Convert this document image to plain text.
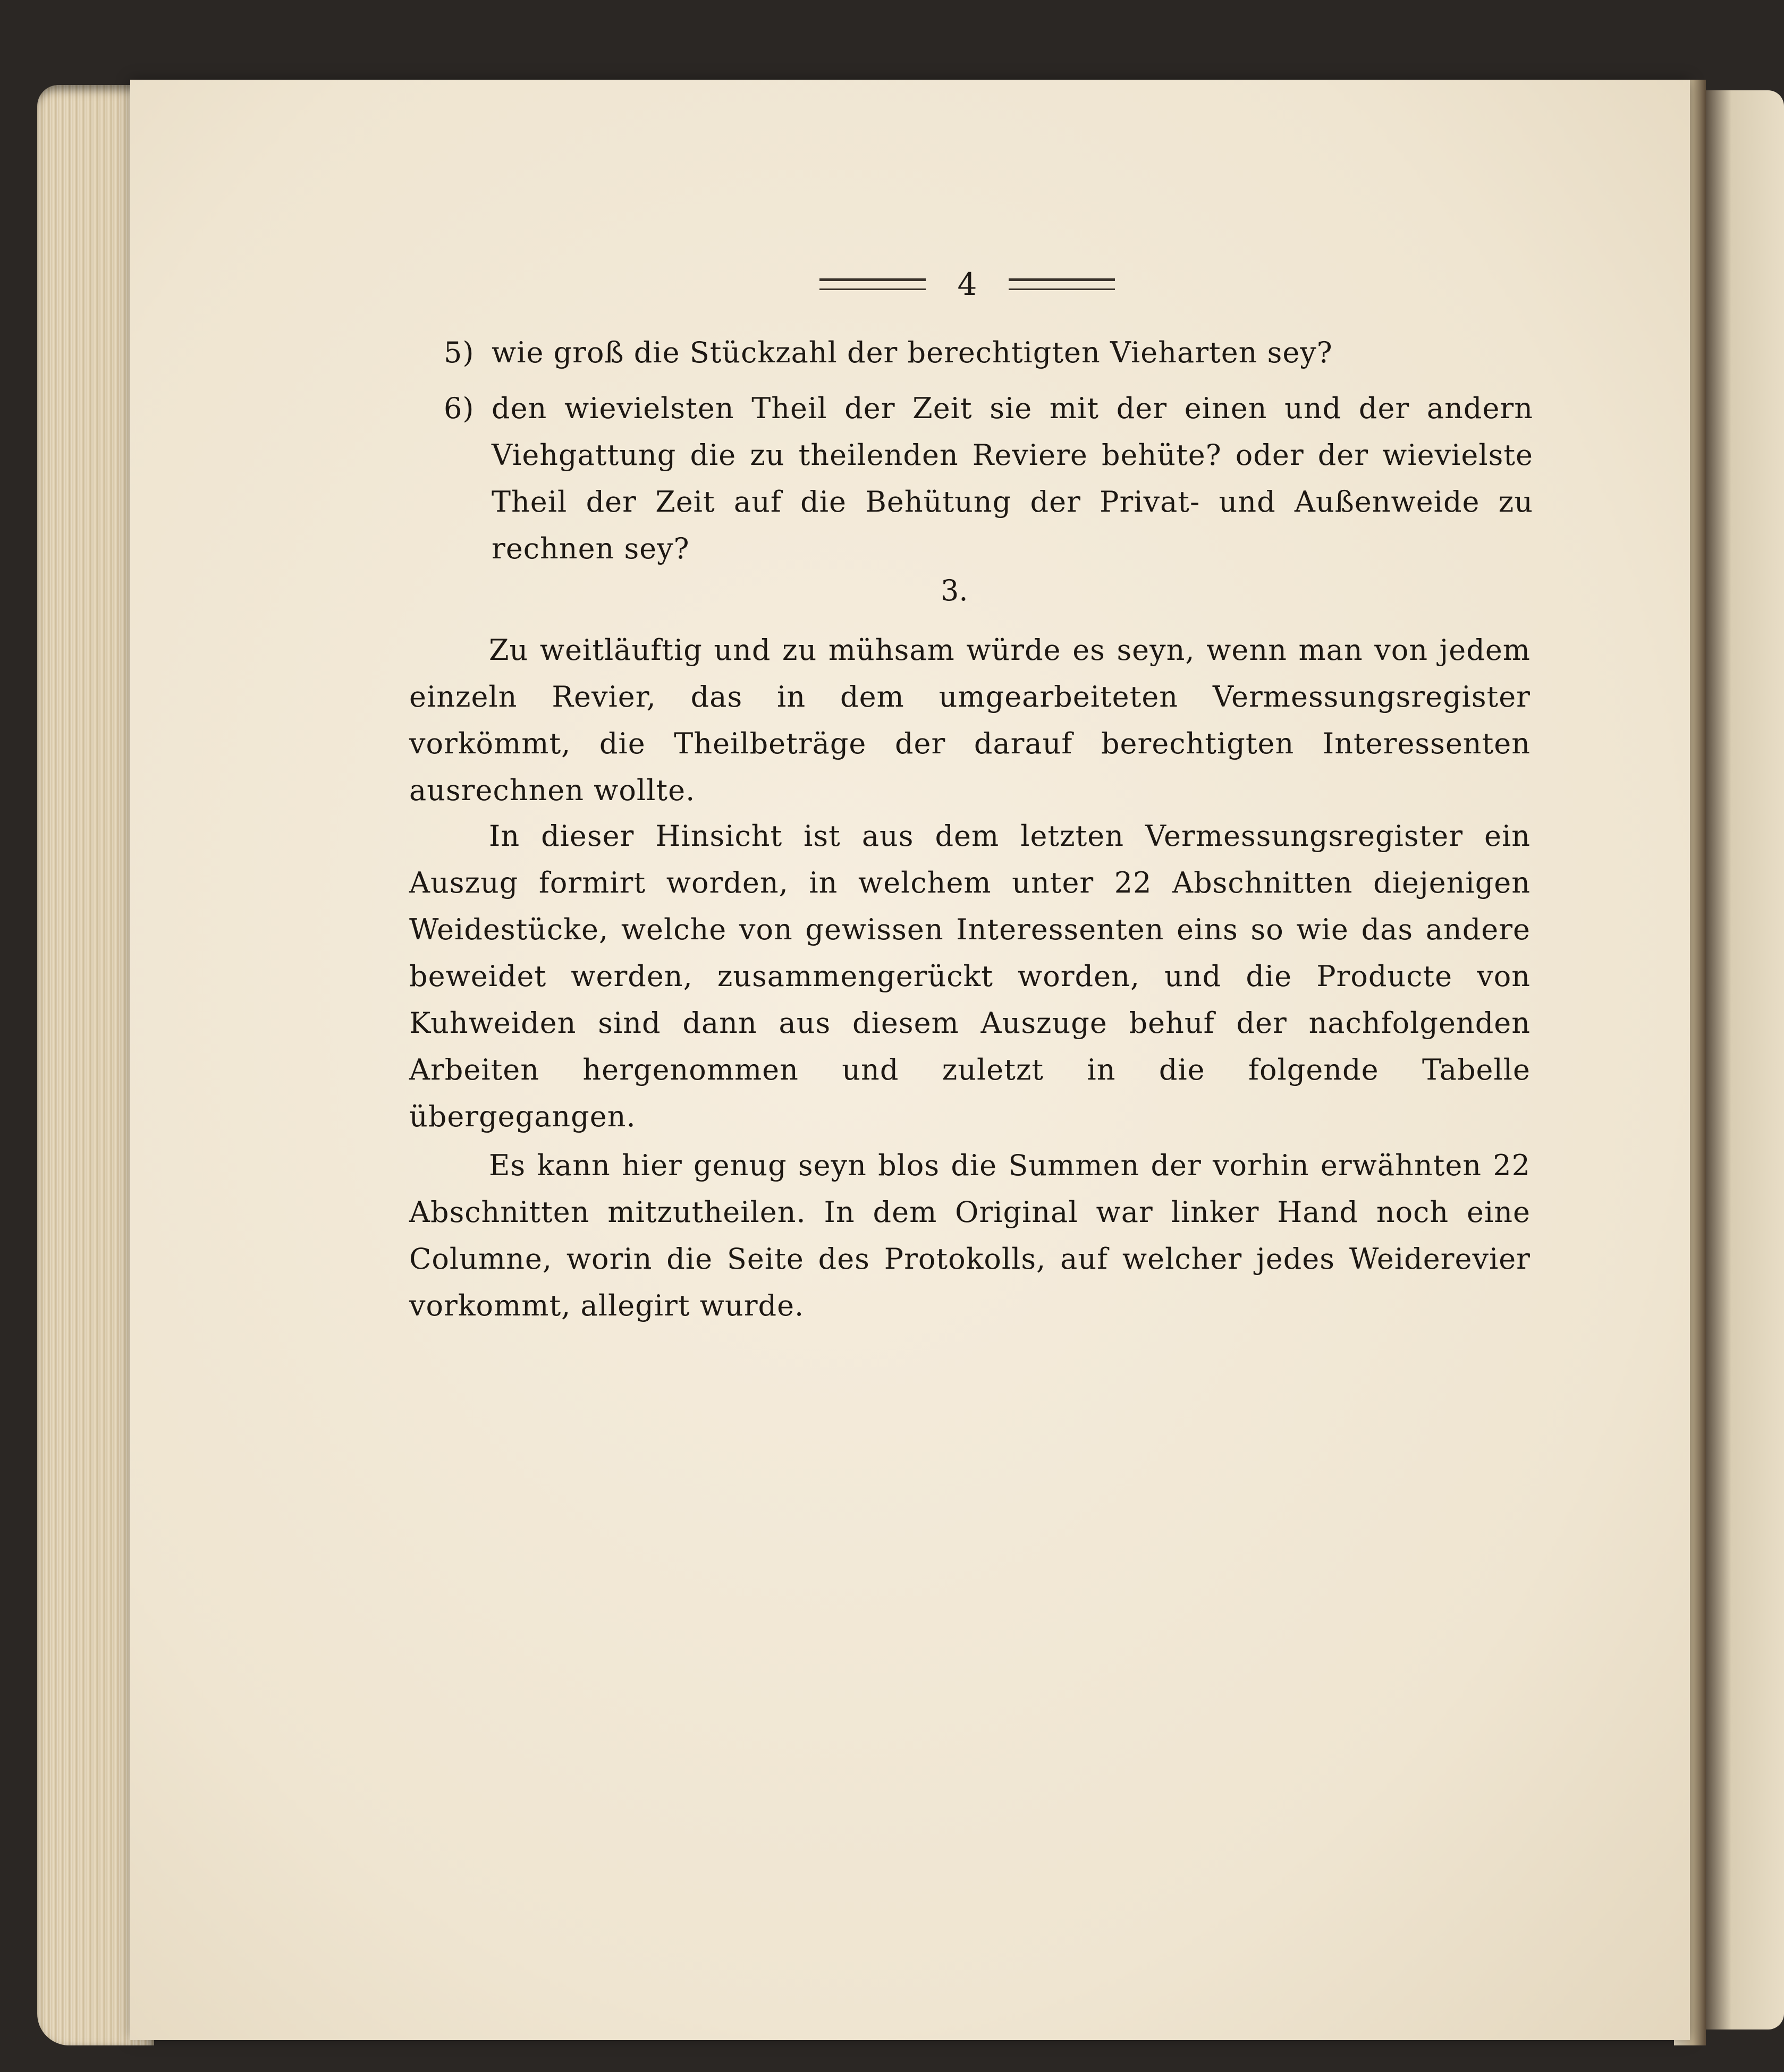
4
5) wie groß die Stückzahl der berechtigten Vieharten sey?
6) den wievielsten Theil der Zeit sie mit der einen und der andern Viehgattung die zu theilenden Reviere behüte? oder der wievielste Theil der Zeit auf die Behütung der Privat- und Außenweide zu rechnen sey?
3.
Zu weitläuftig und zu mühsam würde es seyn, wenn man von jedem einzeln Revier, das in dem umgearbeiteten Vermessungsregister vorkömmt, die Theilbeträge der darauf berechtigten Interessenten ausrechnen wollte.
In dieser Hinsicht ist aus dem letzten Vermessungsregister ein Auszug formirt worden, in welchem unter 22 Abschnitten diejenigen Weidestücke, welche von gewissen Interessenten eins so wie das andere beweidet werden, zusammengerückt worden, und die Producte von Kuhweiden sind dann aus diesem Auszuge behuf der nachfolgenden Arbeiten hergenommen und zuletzt in die folgende Tabelle übergegangen.
Es kann hier genug seyn blos die Summen der vorhin erwähnten 22 Abschnitten mitzutheilen. In dem Original war linker Hand noch eine Columne, worin die Seite des Protokolls, auf welcher jedes Weiderevier vorkommt, allegirt wurde.
